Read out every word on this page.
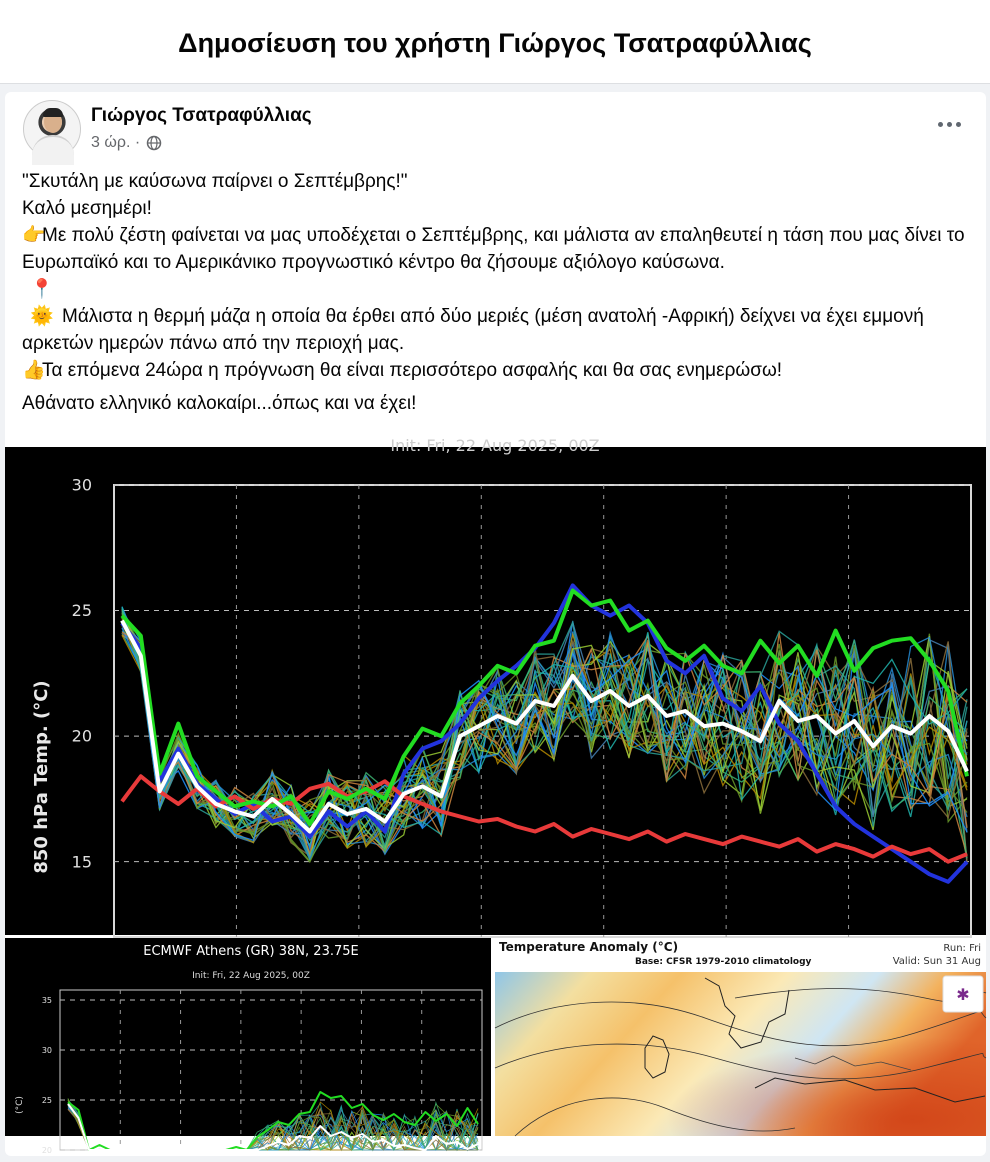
Δημοσίευση του χρήστη Γιώργος Τσατραφύλλιας
Γιώργος Τσατραφύλλιας
3 ώρ. ·

"Σκυτάλη με καύσωνα παίρνει ο Σεπτέμβρης!"

Καλό μεσημέρι!

👉Με πολύ ζέστη φαίνεται να μας υποδέχεται ο Σεπτέμβρης, και μάλιστα αν επαληθευτεί η τάση που μας δίνει το Ευρωπαϊκό και το Αμερικάνικο προγνωστικό κέντρο θα ζήσουμε αξιόλογο καύσωνα.

📍🌞 Μάλιστα η θερμή μάζα η οποία θα έρθει από δύο μεριές (μέση ανατολή -Αφρική) δείχνει να έχει εμμονή αρκετών ημερών πάνω από την περιοχή μας.

👍Τα επόμενα 24ώρα η πρόγνωση θα είναι περισσότερο ασφαλής και θα σας ενημερώσω!

Αθάνατο ελληνικό καλοκαίρι...όπως και να έχει!

Init: Fri, 22 Aug 2025, 00Z
15
20
25
30
850 hPa Temp. (°C)
ECMWF Athens (GR) 38N, 23.75E
Init: Fri, 22 Aug 2025, 00Z
20
25
30
35
(°C)
Temperature Anomaly (°C)
Base: CFSR 1979-2010 climatology
Run: Fri
Valid: Sun 31 Aug
✱
